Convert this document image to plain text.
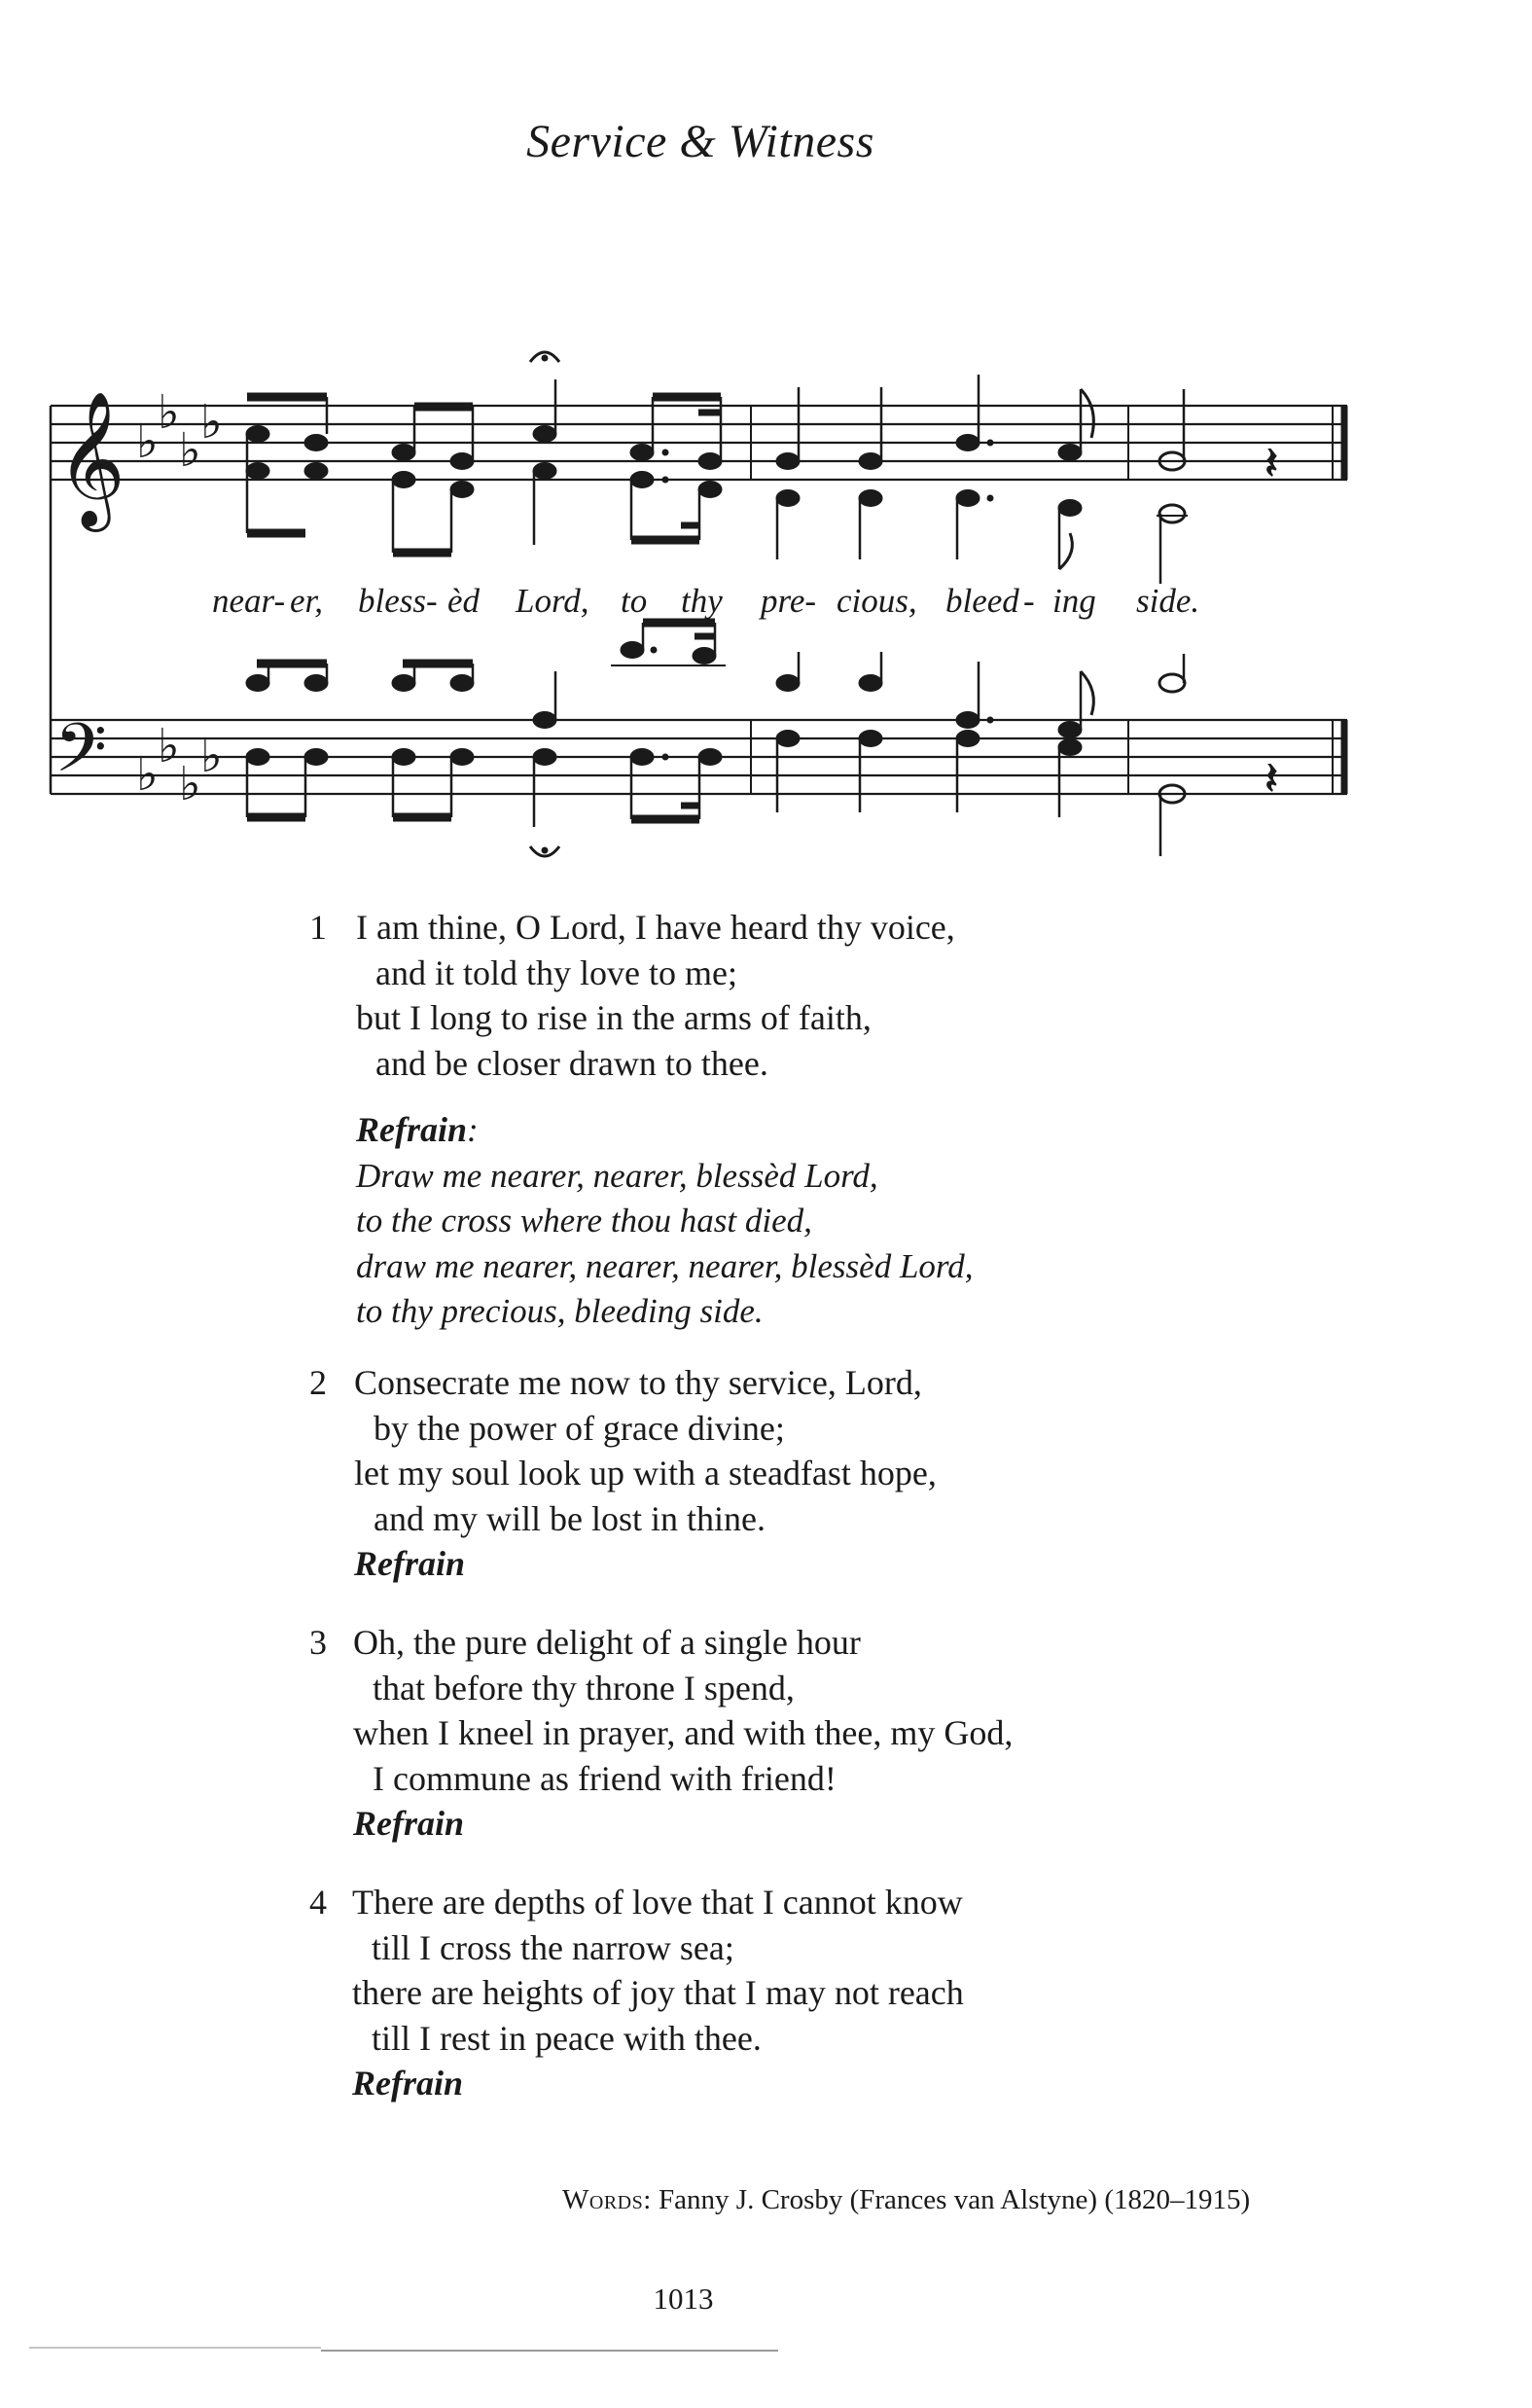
Service & Witness
𝄞
𝄢
♭
♭
♭
♭
♭
♭
♭
♭
𝄽
𝄽
near- er, bless- èd Lord, to thy pre- cious, bleed - ing side.
1 I am thine, O Lord, I have heard thy voice,
and it told thy love to me;
but I long to rise in the arms of faith,
and be closer drawn to thee.
Refrain:
Draw me nearer, nearer, blessèd Lord,
to the cross where thou hast died,
draw me nearer, nearer, nearer, blessèd Lord,
to thy precious, bleeding side.
2 Consecrate me now to thy service, Lord,
by the power of grace divine;
let my soul look up with a steadfast hope,
and my will be lost in thine.
Refrain
3 Oh, the pure delight of a single hour
that before thy throne I spend,
when I kneel in prayer, and with thee, my God,
I commune as friend with friend!
Refrain
4 There are depths of love that I cannot know
till I cross the narrow sea;
there are heights of joy that I may not reach
till I rest in peace with thee.
Refrain
Words: Fanny J. Crosby (Frances van Alstyne) (1820–1915)
1013
